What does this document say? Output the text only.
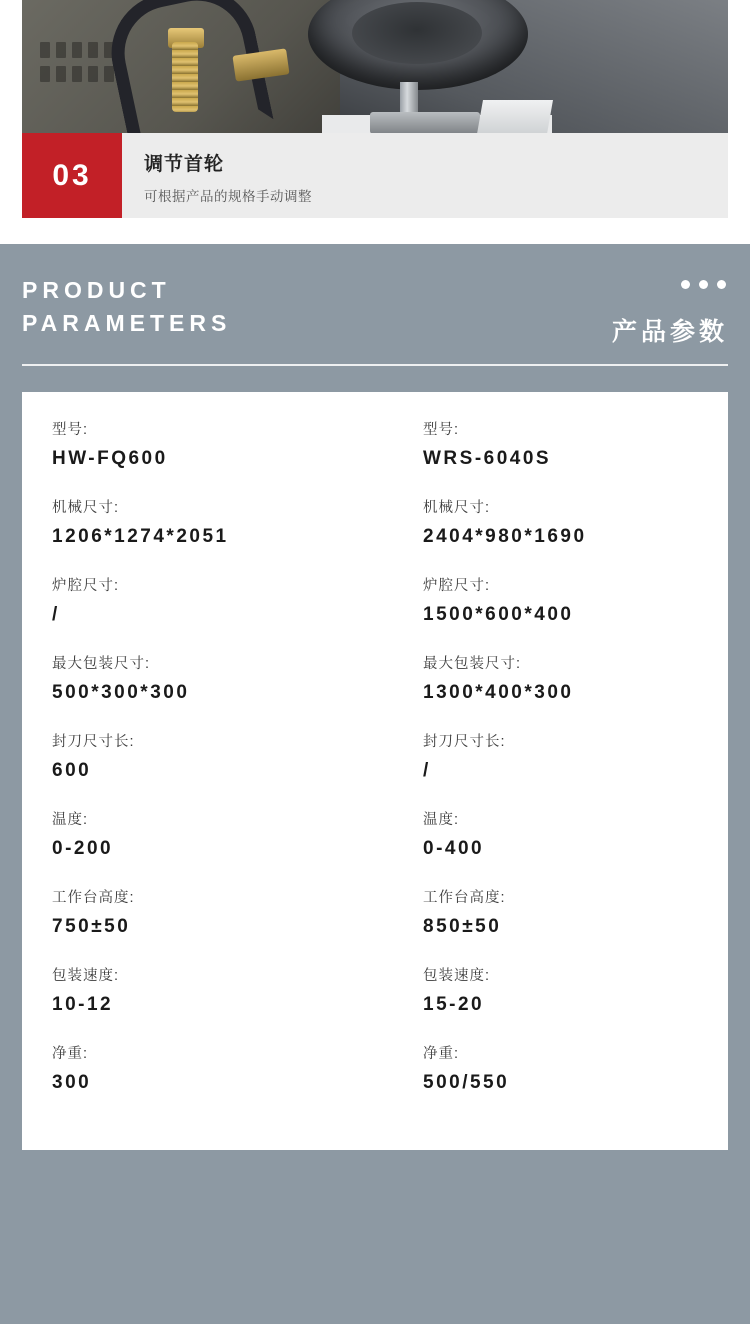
03	调节首轮
可根据产品的规格手动调整
PRODUCT
PARAMETERS	产品参数
型号:
HW-FQ600
机械尺寸:
1206*1274*2051
炉腔尺寸:
/
最大包装尺寸:
500*300*300
封刀尺寸长:
600
温度:
0-200
工作台高度:
750±50
包装速度:
10-12
净重:
300
型号:
WRS-6040S
机械尺寸:
2404*980*1690
炉腔尺寸:
1500*600*400
最大包装尺寸:
1300*400*300
封刀尺寸长:
/
温度:
0-400
工作台高度:
850±50
包装速度:
15-20
净重:
500/550
